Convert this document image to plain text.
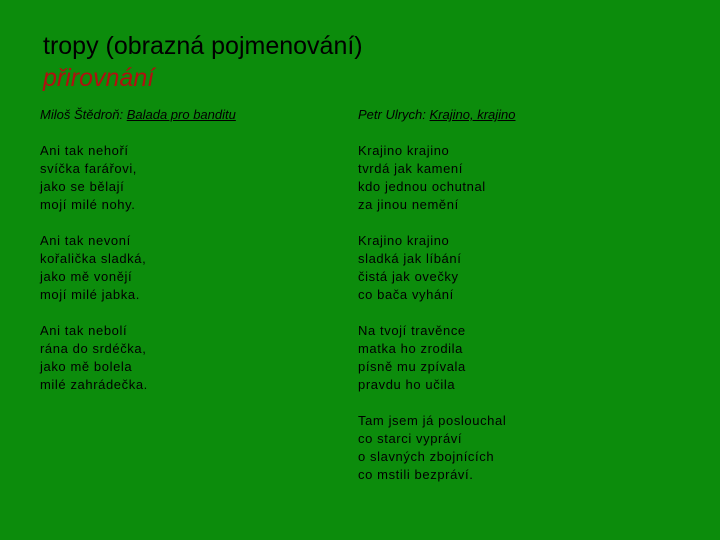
tropy (obrazná pojmenování)
přirovnání
Miloš Štědroň: Balada pro banditu
Ani tak nehoří
svíčka farářovi,
jako se bělají
mojí milé nohy.
Ani tak nevoní
kořalička sladká,
jako mě vonějí
mojí milé jabka.
Ani tak nebolí
rána do srdéčka,
jako mě bolela
milé zahrádečka.
Petr Ulrych: Krajino, krajino
Krajino krajino
tvrdá jak kamení
kdo jednou ochutnal
za jinou nemění
Krajino krajino
sladká jak líbání
čistá jak ovečky
co bača vyhání
Na tvojí travěnce
matka ho zrodila
písně mu zpívala
pravdu ho učila
Tam jsem já poslouchal
co starci vypráví
o slavných zbojnících
co mstili bezpráví.
